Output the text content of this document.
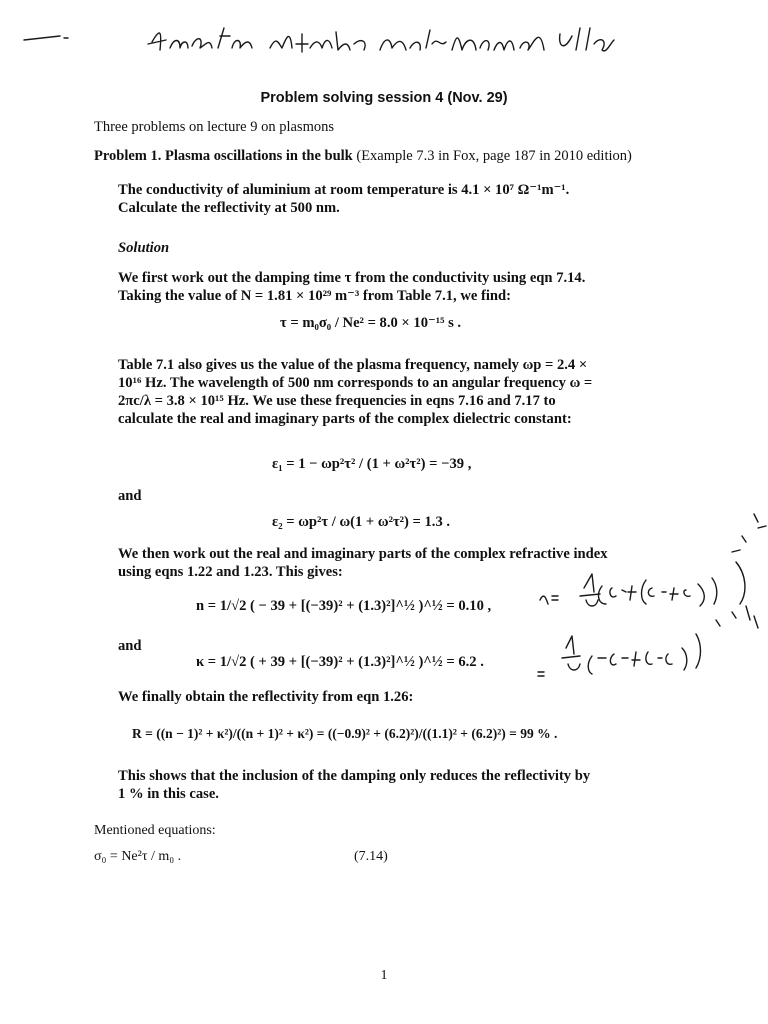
Problem solving session 4 (Nov. 29)
Three problems on lecture 9 on plasmons
Problem 1. Plasma oscillations in the bulk (Example 7.3 in Fox, page 187 in 2010 edition)
The conductivity of aluminium at room temperature is 4.1 × 10⁷ Ω⁻¹m⁻¹.
Calculate the reflectivity at 500 nm.
Solution
We first work out the damping time τ from the conductivity using eqn 7.14.
Taking the value of N = 1.81 × 10²⁹ m⁻³ from Table 7.1, we find:
τ = m₀σ₀ / Ne² = 8.0 × 10⁻¹⁵ s .
Table 7.1 also gives us the value of the plasma frequency, namely ωp = 2.4 ×
10¹⁶ Hz. The wavelength of 500 nm corresponds to an angular frequency ω =
2πc/λ = 3.8 × 10¹⁵ Hz. We use these frequencies in eqns 7.16 and 7.17 to
calculate the real and imaginary parts of the complex dielectric constant:
ε₁ = 1 − ωp²τ² / (1 + ω²τ²) = −39 ,
and
ε₂ = ωp²τ / ω(1 + ω²τ²) = 1.3 .
We then work out the real and imaginary parts of the complex refractive index
using eqns 1.22 and 1.23. This gives:
n = 1/√2 ( − 39 + [(−39)² + (1.3)²]^½ )^½ = 0.10 ,
and
κ = 1/√2 ( + 39 + [(−39)² + (1.3)²]^½ )^½ = 6.2 .
We finally obtain the reflectivity from eqn 1.26:
R = ((n − 1)² + κ²)/((n + 1)² + κ²) = ((−0.9)² + (6.2)²)/((1.1)² + (6.2)²) = 99 % .
This shows that the inclusion of the damping only reduces the reflectivity by
1 % in this case.
Mentioned equations:
σ₀ = Ne²τ / m₀ .	(7.14)
1
